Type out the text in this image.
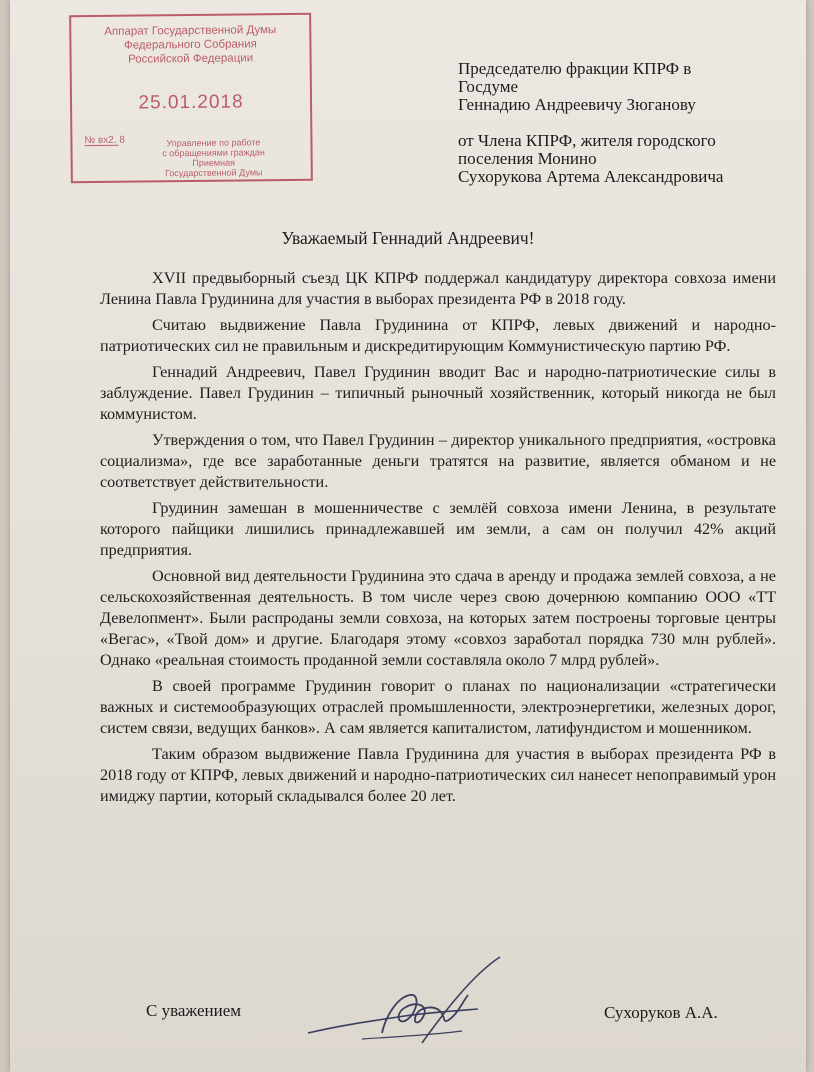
Аппарат Государственной Думы
Федерального Собрания
Российской Федерации
25.01.2018
№ вх2. 8	Управление по работе
с обращениями граждан
Приемная
Государственной Думы

Председателю фракции КПРФ в

Госдуме

Геннадию Андреевичу Зюганову

от Члена КПРФ, жителя городского

поселения Монино

Сухорукова Артема Александровича

Уважаемый Геннадий Андреевич!

XVII предвыборный съезд ЦК КПРФ поддержал кандидатуру директора совхоза имени Ленина Павла Грудинина для участия в выборах президента РФ в 2018 году.

Считаю выдвижение Павла Грудинина от КПРФ, левых движений и народно-патриотических сил не правильным и дискредитирующим Коммунистическую партию РФ.

Геннадий Андреевич, Павел Грудинин вводит Вас и народно-патриотические силы в заблуждение. Павел Грудинин – типичный рыночный хозяйственник, который никогда не был коммунистом.

Утверждения о том, что Павел Грудинин – директор уникального предприятия, «островка социализма», где все заработанные деньги тратятся на развитие, является обманом и не соответствует действительности.

Грудинин замешан в мошенничестве с землёй совхоза имени Ленина, в результате которого пайщики лишились принадлежавшей им земли, а сам он получил 42% акций предприятия.

Основной вид деятельности Грудинина это сдача в аренду и продажа землей совхоза, а не сельскохозяйственная деятельность. В том числе через свою дочернюю компанию ООО «ТТ Девелопмент». Были распроданы земли совхоза, на которых затем построены торговые центры «Вегас», «Твой дом» и другие. Благодаря этому «совхоз заработал порядка 730 млн рублей». Однако «реальная стоимость проданной земли составляла около 7 млрд рублей».

В своей программе Грудинин говорит о планах по национализации «стратегически важных и системообразующих отраслей промышленности, электроэнергетики, железных дорог, систем связи, ведущих банков». А сам является капиталистом, латифундистом и мошенником.

Таким образом выдвижение Павла Грудинина для участия в выборах президента РФ в 2018 году от КПРФ, левых движений и народно-патриотических сил нанесет непоправимый урон имиджу партии, который складывался более 20 лет.

С уважением	Сухоруков А.А.
